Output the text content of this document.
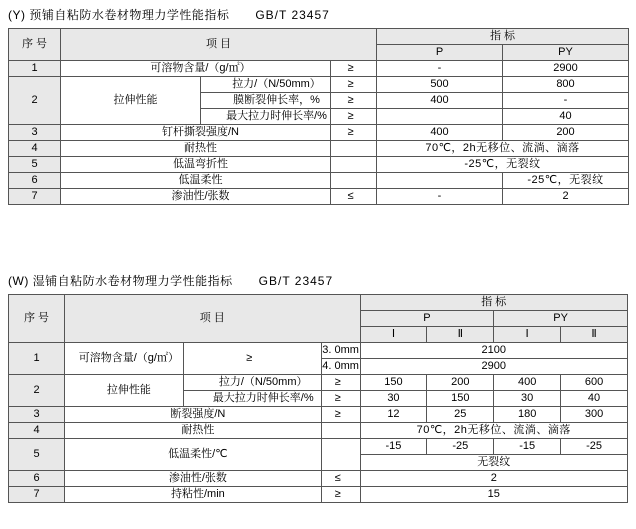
(Y) 预铺自粘防水卷材物理力学性能指标 GB/T 23457
序 号	项 目			指 标	
				P	PY
1	可溶物含量/（g/㎡）		≥	-	2900
2	拉伸性能	拉力/（N/50mm）	≥	500	800
		膜断裂伸长率，%	≥	400	-
		最大拉力时伸长率/%	≥		40
3	钉杆撕裂强度/N		≥	400	200
4	耐热性			70℃，2h无移位、流淌、滴落	
5	低温弯折性			-25℃，无裂纹	
6	低温柔性				-25℃，无裂纹
7	渗油性/张数		≤	-	2
(W) 湿铺自粘防水卷材物理力学性能指标 GB/T 23457
序 号	项 目			指 标			
				P		PY	
				Ⅰ	Ⅱ	Ⅰ	Ⅱ
1	可溶物含量/（g/㎡）	≥	3. 0mm	2100			
			4. 0mm	2900			
2	拉伸性能	拉力/（N/50mm）	≥	150	200	400	600
		最大拉力时伸长率/%	≥	30	150	30	40
3	断裂强度/N		≥	12	25	180	300
4	耐热性			70℃，2h无移位、流淌、滴落			
5	低温柔性/℃			-15	-25	-15	-25
				无裂纹			
6	渗油性/张数		≤	2			
7	持粘性/min		≥	15			
